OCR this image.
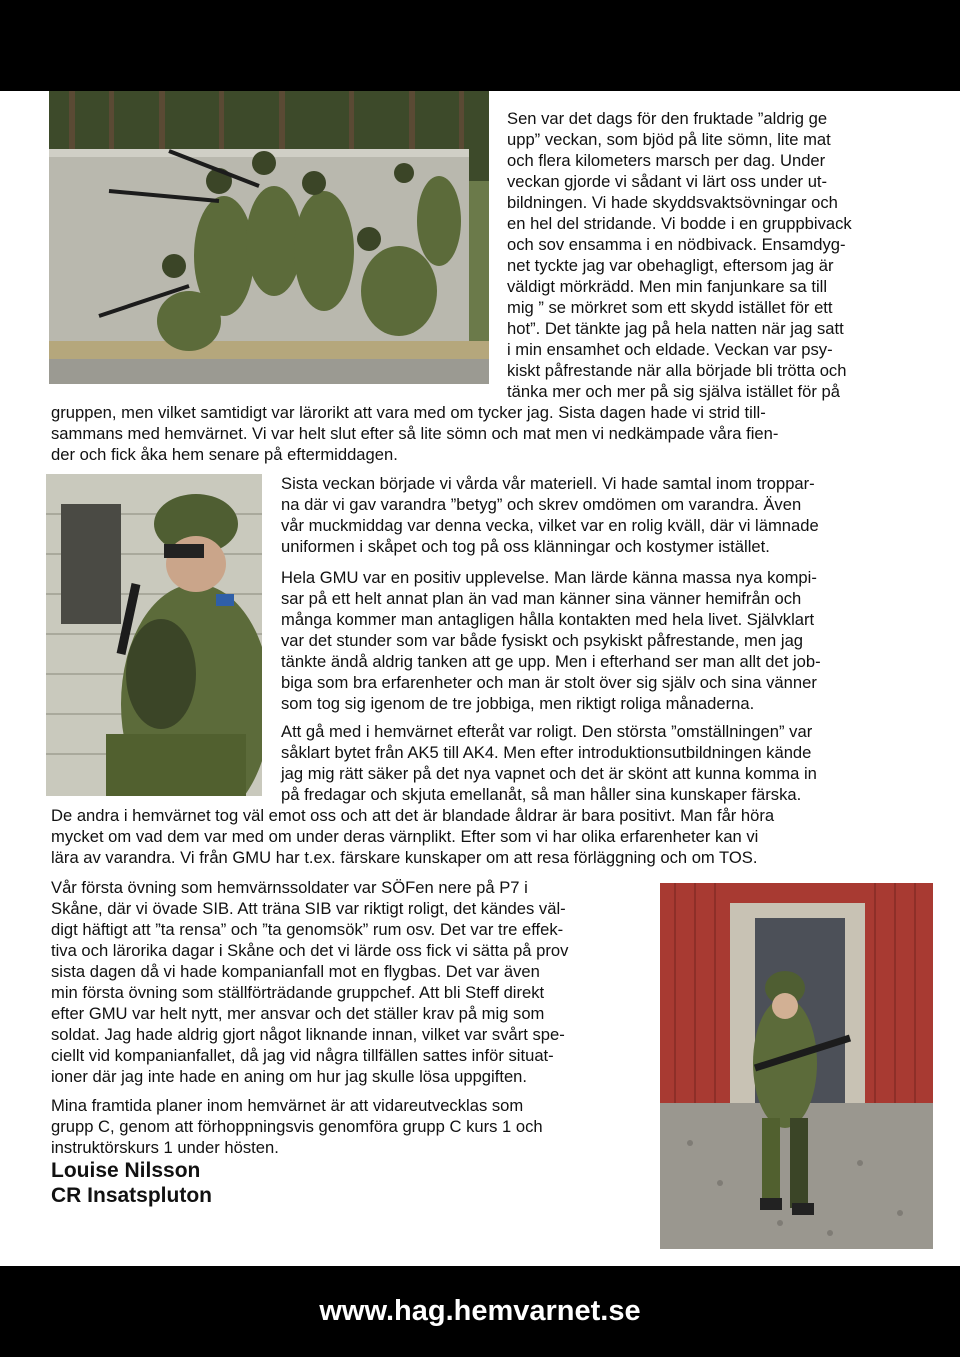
Sen var det dags för den fruktade ”aldrig ge
upp” veckan, som bjöd på lite sömn, lite mat
och flera kilometers marsch per dag. Under
veckan gjorde vi sådant vi lärt oss under ut-
bildningen. Vi hade skyddsvaktsövningar och
en hel del stridande. Vi bodde i en gruppbivack
och sov ensamma i en nödbivack. Ensamdyg-
net tyckte jag var obehagligt, eftersom jag är
väldigt mörkrädd. Men min fanjunkare sa till
mig ” se mörkret som ett skydd istället för ett
hot”. Det tänkte jag på hela natten när jag satt
i min ensamhet och eldade. Veckan var psy-
kiskt påfrestande när alla började bli trötta och
tänka mer och mer på sig själva istället för på
gruppen, men vilket samtidigt var lärorikt att vara med om tycker jag. Sista dagen hade vi strid till-
sammans med hemvärnet. Vi var helt slut efter så lite sömn och mat men vi nedkämpade våra fien-
der och fick åka hem senare på eftermiddagen.
Sista veckan började vi vårda vår materiell. Vi hade samtal inom troppar-
na där vi gav varandra ”betyg” och skrev omdömen om varandra. Även
vår muckmiddag var denna vecka, vilket var en rolig kväll, där vi lämnade
uniformen i skåpet och tog på oss klänningar och kostymer istället.
Hela GMU var en positiv upplevelse. Man lärde känna massa nya kompi-
sar på ett helt annat plan än vad man känner sina vänner hemifrån och
många kommer man antagligen hålla kontakten med hela livet. Självklart
var det stunder som var både fysiskt och psykiskt påfrestande, men jag
tänkte ändå aldrig tanken att ge upp. Men i efterhand ser man allt det job-
biga som bra erfarenheter och man är stolt över sig själv och sina vänner
som tog sig igenom de tre jobbiga, men riktigt roliga månaderna.
Att gå med i hemvärnet efteråt var roligt. Den största ”omställningen” var
såklart bytet från AK5 till AK4. Men efter introduktionsutbildningen kände
jag mig rätt säker på det nya vapnet och det är skönt att kunna komma in
på fredagar och skjuta emellanåt, så man håller sina kunskaper färska.
De andra i hemvärnet tog väl emot oss och att det är blandade åldrar är bara positivt. Man får höra
mycket om vad dem var med om under deras värnplikt. Efter som vi har olika erfarenheter kan vi
lära av varandra. Vi från GMU har t.ex. färskare kunskaper om att resa förläggning och om TOS.
Vår första övning som hemvärnssoldater var SÖFen nere på P7 i
Skåne, där vi övade SIB. Att träna SIB var riktigt roligt, det kändes väl-
digt häftigt att ”ta rensa” och ”ta genomsök” rum osv. Det var tre effek-
tiva och lärorika dagar i Skåne och det vi lärde oss fick vi sätta på prov
sista dagen då vi hade kompanianfall mot en flygbas. Det var även
min första övning som ställförträdande gruppchef. Att bli Steff direkt
efter GMU var helt nytt, mer ansvar och det ställer krav på mig som
soldat. Jag hade aldrig gjort något liknande innan, vilket var svårt spe-
ciellt vid kompanianfallet, då jag vid några tillfällen sattes inför situat-
ioner där jag inte hade en aning om hur jag skulle lösa uppgiften.
Mina framtida planer inom hemvärnet är att vidareutvecklas som
grupp C, genom att förhoppningsvis genomföra grupp C kurs 1 och
instruktörskurs 1 under hösten.
Louise Nilsson
CR Insatspluton
www.hag.hemvarnet.se
